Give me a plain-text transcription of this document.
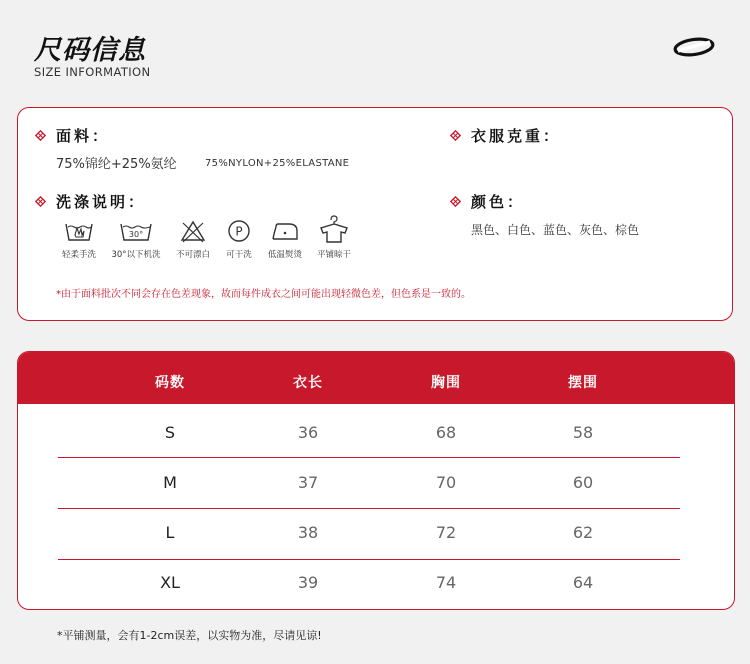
尺码信息
SIZE INFORMATION
面料：
75%锦纶+25%氨纶	75%NYLON+25%ELASTANE
衣服克重：
洗涤说明：
轻柔手洗
30°
30°以下机洗	不可漂白
P
可干洗	低温熨烫	平铺晾干
颜色：
黑色、白色、蓝色、灰色、棕色
*由于面料批次不同会存在色差现象，故而每件成衣之间可能出现轻微色差，但色系是一致的。
码数	衣长	胸围	摆围
S	36	68	58
M	37	70	60
L	38	72	62
XL	39	74	64
*平铺测量，会有1-2cm误差，以实物为准，尽请见谅!
